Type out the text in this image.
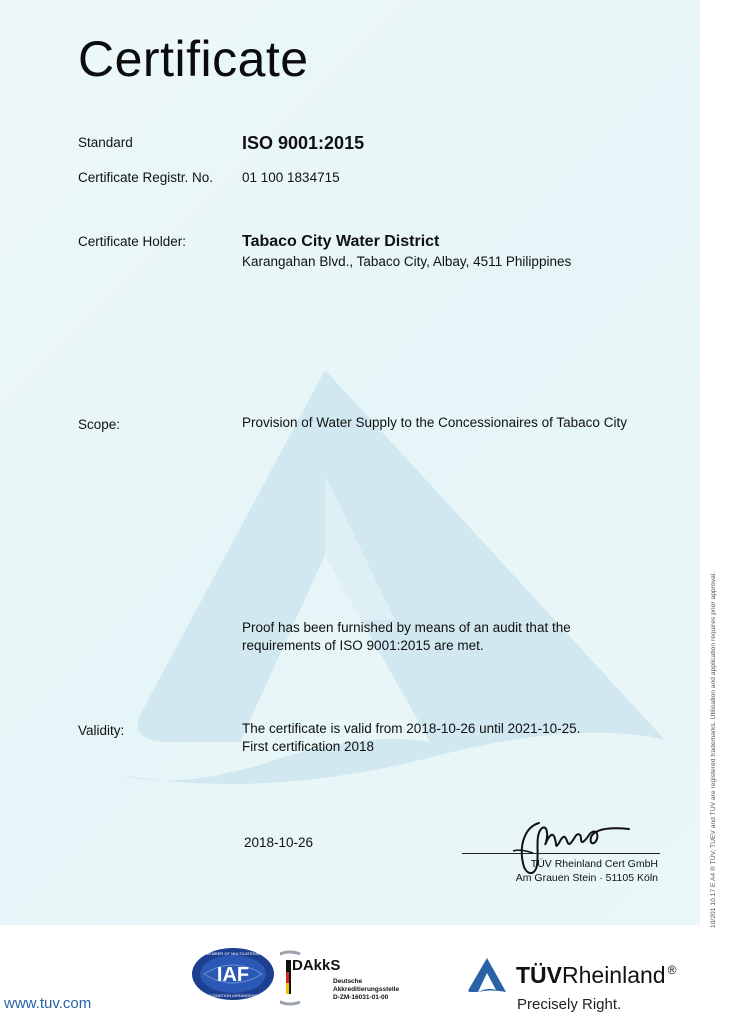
Certificate
Standard	ISO 9001:2015
Certificate Registr. No. 01 100 1834715
Certificate Holder:	Tabaco City Water District
Karangahan Blvd., Tabaco City, Albay, 4511 Philippines
Scope:	Provision of Water Supply to the Concessionaires of Tabaco City
Proof has been furnished by means of an audit that the
requirements of ISO 9001:2015 are met.
Validity:	The certificate is valid from 2018-10-26 until 2021-10-25.
First certification 2018
2018-10-26
TÜV Rheinland Cert GmbH
Am Grauen Stein · 51105 Köln	10/201 10.17 E A4 ® TÜV, TUEV and TUV are registered trademarks. Utilisation and application requires prior approval.
www.tuv.com
IAF
MEMBER OF MULTILATERAL
RECOGNITION ARRANGEMENT
DAkkS
Deutsche
Akkreditierungsstelle
D-ZM-16031-01-00
TÜVRheinland ®
Precisely Right.
